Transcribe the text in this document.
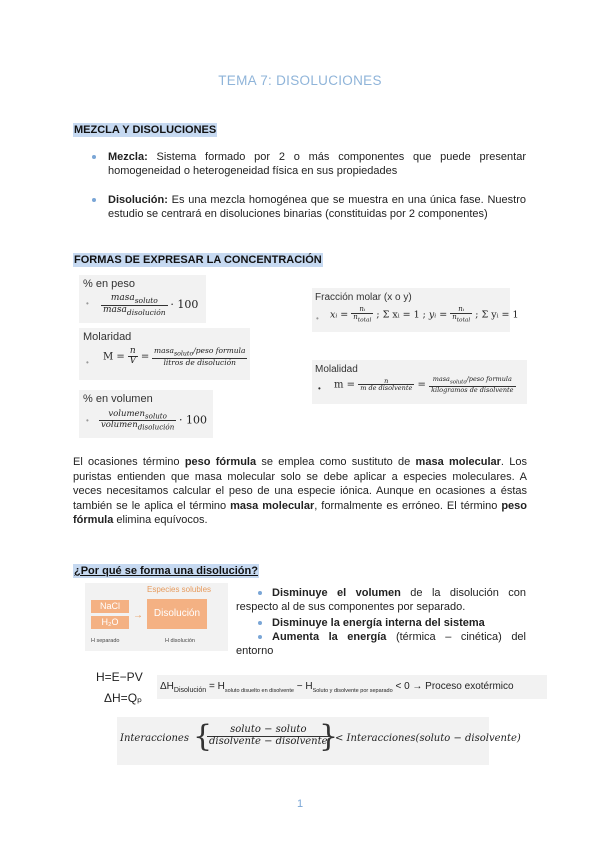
TEMA 7: DISOLUCIONES
MEZCLA Y DISOLUCIONES
Mezcla: Sistema formado por 2 o más componentes que puede presentar homogeneidad o heterogeneidad física en sus propiedades
Disolución: Es una mezcla homogénea que se muestra en una única fase. Nuestro estudio se centrará en disoluciones binarias (constituidas por 2 componentes)
FORMAS DE EXPRESAR LA CONCENTRACIÓN
% en peso
• $\frac{masa_{soluto}}{masa_{disolución}} \cdot 100$
Molaridad
• $M = \frac{n}{V} = \frac{masa_{soluto}/peso formula}{\text{litros de disolución}}$
% en volumen
• $\frac{volumen_{soluto}}{volumen_{disolución}} \cdot 100$
Fracción molar (x o y)
• xᵢ = $\frac{\text{nᵢ}}{n_{total}}$ ; Σ xᵢ = 1 ; yᵢ = $\frac{\text{nᵢ}}{n_{total}}$ ; Σ yᵢ = 1
Molalidad
• $m = \frac{n}{\text{m de disolvente}} = \frac{masa_{soluto}/peso formula}{\text{kilogramos de disolvente}}$
El ocasiones término peso fórmula se emplea como sustituto de masa molecular. Los puristas entienden que masa molecular solo se debe aplicar a especies moleculares. A veces necesitamos calcular el peso de una especie iónica. Aunque en ocasiones a éstas también se le aplica el término masa molecular, formalmente es erróneo. El término peso fórmula elimina equívocos.
¿Por qué se forma una disolución?
Especies solubles
NaCl
H₂O
→	Disolución
H separado	H disolución
Disminuye el volumen de la disolución con respecto al de sus componentes por separado.
Disminuye la energía interna del sistema
Aumenta la energía (térmica – cinética) del entorno
H=E−PV
ΔH=Qₚ
$\Delta H_{Disolución} = H_{soluto disuelto en disolvente} - H_{Soluto y disolvente por separado} < 0$ → Proceso exotérmico
Interacciones {	soluto − soluto
disolvente − disolvente
}
< Interacciones(soluto − disolvente)
1
